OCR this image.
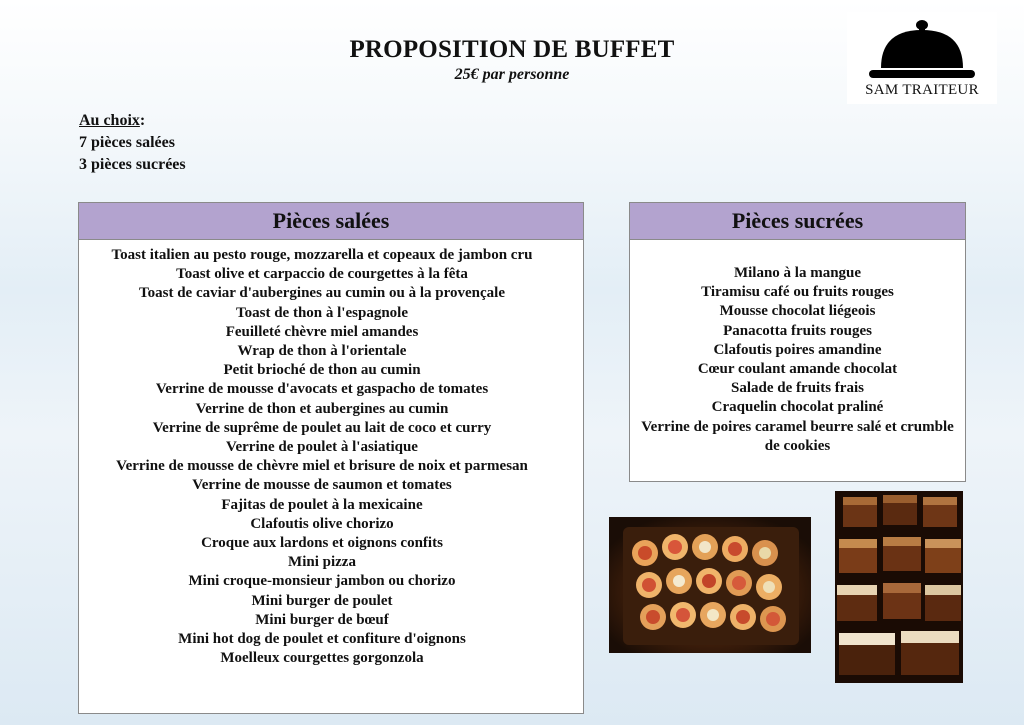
PROPOSITION DE BUFFET
25€ par personne
SAM TRAITEUR
Au choix:
7 pièces salées
3 pièces sucrées
Pièces salées
Toast italien au pesto rouge, mozzarella et copeaux de jambon cru
Toast olive et carpaccio de courgettes à la fêta
Toast de caviar d'aubergines au cumin ou à la provençale
Toast de thon à l'espagnole
Feuilleté chèvre miel amandes
Wrap de thon à l'orientale
Petit brioché de thon au cumin
Verrine de mousse d'avocats et gaspacho de tomates
Verrine de thon et aubergines au cumin
Verrine de suprême de poulet au lait de coco et curry
Verrine de poulet à l'asiatique
Verrine de mousse de chèvre miel et brisure de noix et parmesan
Verrine de mousse de saumon et tomates
Fajitas de poulet à la mexicaine
Clafoutis olive chorizo
Croque aux lardons et oignons confits
Mini pizza
Mini croque-monsieur jambon ou chorizo
Mini burger de poulet
Mini burger de bœuf
Mini hot dog de poulet et confiture d'oignons
Moelleux courgettes gorgonzola
Pièces sucrées
Milano à la mangue
Tiramisu café ou fruits rouges
Mousse chocolat liégeois
Panacotta fruits rouges
Clafoutis poires amandine
Cœur coulant amande chocolat
Salade de fruits frais
Craquelin chocolat praliné
Verrine de poires caramel beurre salé et crumble de cookies
